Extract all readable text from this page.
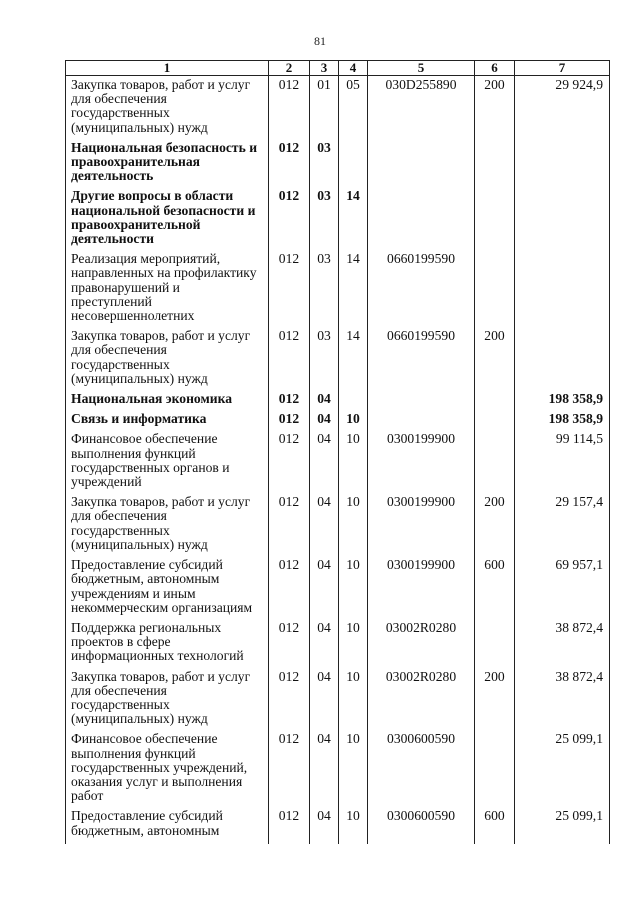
81
1	2	3	4	5	6	7
Закупка товаров, работ и услуг для обеспечения государственных (муниципальных) нужд	012	01	05	030D255890	200	29 924,9
Национальная безопасность и правоохранительная деятельность	012	03				
Другие вопросы в области национальной безопасности и правоохранительной деятельности	012	03	14			
Реализация мероприятий, направленных на профилактику правонарушений и преступлений несовершеннолетних	012	03	14	0660199590		
Закупка товаров, работ и услуг для обеспечения государственных (муниципальных) нужд	012	03	14	0660199590	200	
Национальная экономика	012	04				198 358,9
Связь и информатика	012	04	10			198 358,9
Финансовое обеспечение выполнения функций государственных органов и учреждений	012	04	10	0300199900		99 114,5
Закупка товаров, работ и услуг для обеспечения государственных (муниципальных) нужд	012	04	10	0300199900	200	29 157,4
Предоставление субсидий бюджетным, автономным учреждениям и иным некоммерческим организациям	012	04	10	0300199900	600	69 957,1
Поддержка региональных проектов в сфере информационных технологий	012	04	10	03002R0280		38 872,4
Закупка товаров, работ и услуг для обеспечения государственных (муниципальных) нужд	012	04	10	03002R0280	200	38 872,4
Финансовое обеспечение выполнения функций государственных учреждений, оказания услуг и выполнения работ	012	04	10	0300600590		25 099,1
Предоставление субсидий бюджетным, автономным	012	04	10	0300600590	600	25 099,1
